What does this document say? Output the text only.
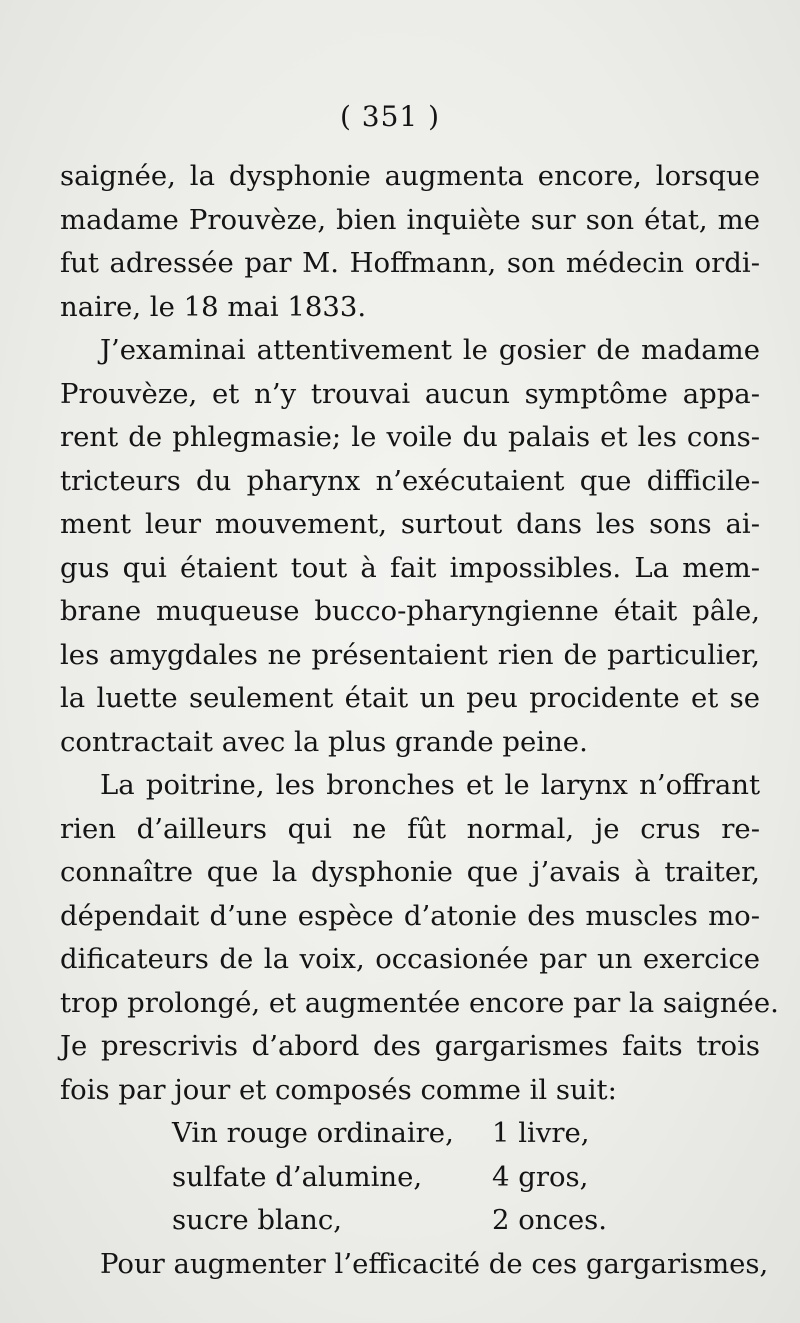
( 351 )
saignée, la dysphonie augmenta encore, lorsque
madame Prouvèze, bien inquiète sur son état, me
fut adressée par M. Hoffmann, son médecin ordi-
naire, le 18 mai 1833.
J’examinai attentivement le gosier de madame
Prouvèze, et n’y trouvai aucun symptôme appa-
rent de phlegmasie; le voile du palais et les cons-
tricteurs du pharynx n’exécutaient que difficile-
ment leur mouvement, surtout dans les sons ai-
gus qui étaient tout à fait impossibles. La mem-
brane muqueuse bucco-pharyngienne était pâle,
les amygdales ne présentaient rien de particulier,
la luette seulement était un peu procidente et se
contractait avec la plus grande peine.
La poitrine, les bronches et le larynx n’offrant
rien d’ailleurs qui ne fût normal, je crus re-
connaître que la dysphonie que j’avais à traiter,
dépendait d’une espèce d’atonie des muscles mo-
dificateurs de la voix, occasionée par un exercice
trop prolongé, et augmentée encore par la saignée.
Je prescrivis d’abord des gargarismes faits trois
fois par jour et composés comme il suit:
Vin rouge ordinaire, 1 livre,
sulfate d’alumine,	4 gros,
sucre blanc,	2 onces.
Pour augmenter l’efficacité de ces gargarismes,
